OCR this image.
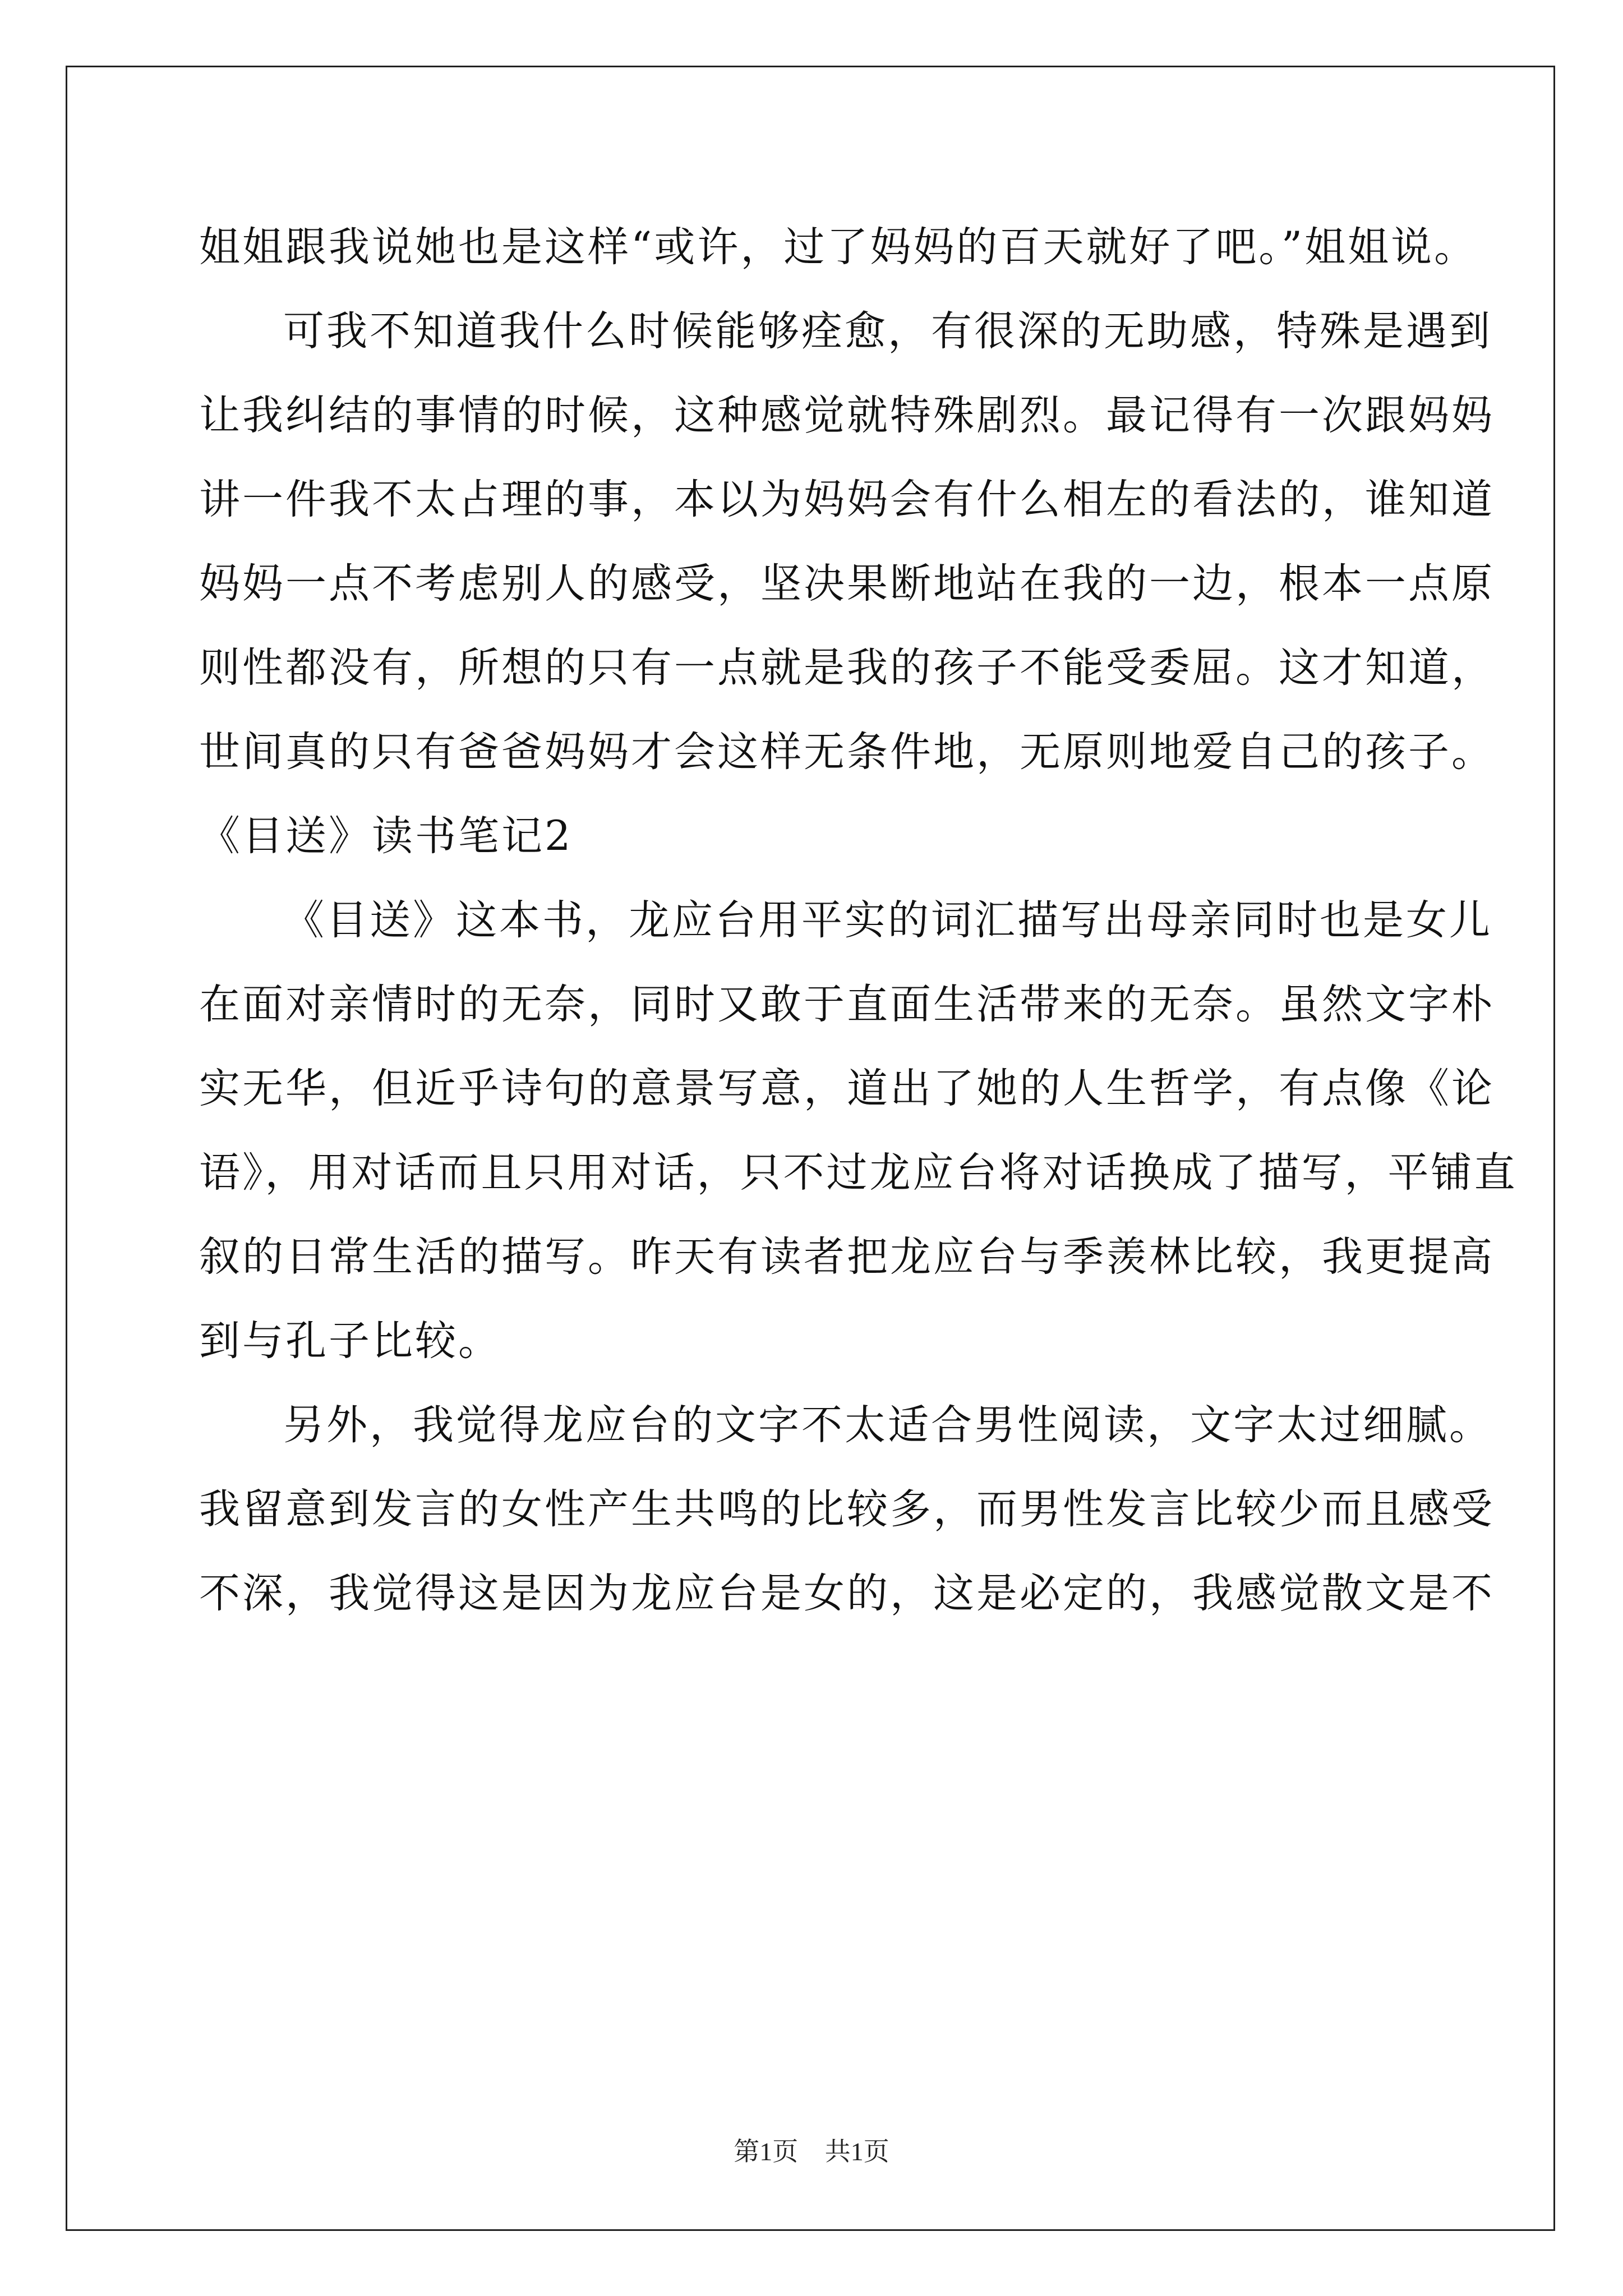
姐姐跟我说她也是这样“或许，过了妈妈的百天就好了吧。”姐姐说。
可我不知道我什么时候能够痊愈，有很深的无助感，特殊是遇到
让我纠结的事情的时候，这种感觉就特殊剧烈。最记得有一次跟妈妈
讲一件我不太占理的事，本以为妈妈会有什么相左的看法的，谁知道
妈妈一点不考虑别人的感受，坚决果断地站在我的一边，根本一点原
则性都没有，所想的只有一点就是我的孩子不能受委屈。这才知道，
世间真的只有爸爸妈妈才会这样无条件地，无原则地爱自己的孩子。
《目送》读书笔记2
《目送》这本书，龙应台用平实的词汇描写出母亲同时也是女儿
在面对亲情时的无奈，同时又敢于直面生活带来的无奈。虽然文字朴
实无华，但近乎诗句的意景写意，道出了她的人生哲学，有点像《论
语》，用对话而且只用对话，只不过龙应台将对话换成了描写，平铺直
叙的日常生活的描写。昨天有读者把龙应台与季羡林比较，我更提高
到与孔子比较。
另外，我觉得龙应台的文字不太适合男性阅读，文字太过细腻。
我留意到发言的女性产生共鸣的比较多，而男性发言比较少而且感受
不深，我觉得这是因为龙应台是女的，这是必定的，我感觉散文是不
第1页 共1页
